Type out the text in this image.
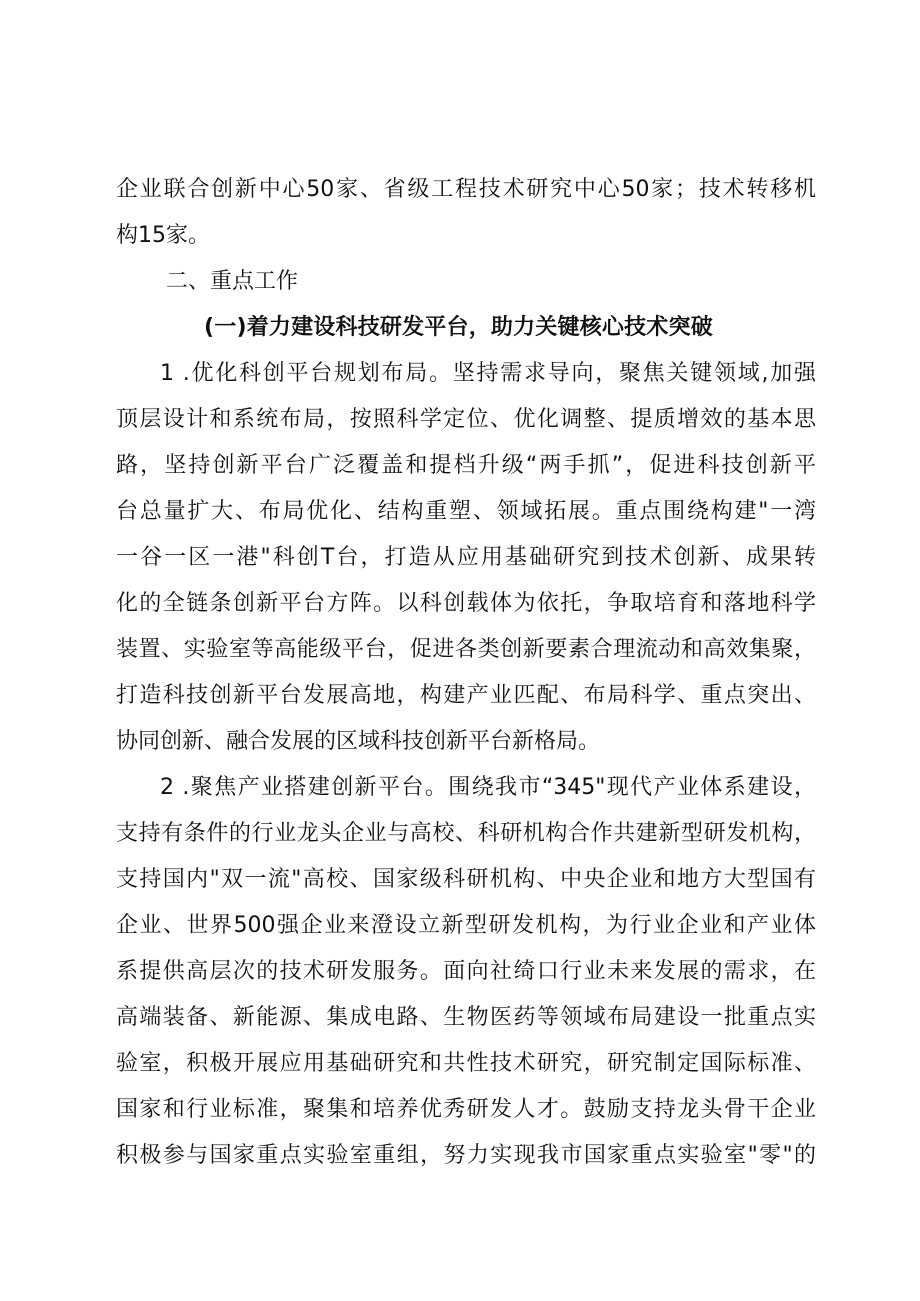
企业联合创新中心50家、省级工程技术研究中心50家；技术转移机
构15家。
二、重点工作
(一)着力建设科技研发平台，助力关键核心技术突破
1 .优化科创平台规划布局。坚持需求导向，聚焦关键领域,加强
顶层设计和系统布局，按照科学定位、优化调整、提质增效的基本思
路，坚持创新平台广泛覆盖和提档升级“两手抓”，促进科技创新平
台总量扩大、布局优化、结构重塑、领域拓展。重点围绕构建"一湾
一谷一区一港"科创T台，打造从应用基础研究到技术创新、成果转
化的全链条创新平台方阵。以科创载体为依托，争取培育和落地科学
装置、实验室等高能级平台，促进各类创新要素合理流动和高效集聚，
打造科技创新平台发展高地，构建产业匹配、布局科学、重点突出、
协同创新、融合发展的区域科技创新平台新格局。
2 .聚焦产业搭建创新平台。围绕我市“345"现代产业体系建设，
支持有条件的行业龙头企业与高校、科研机构合作共建新型研发机构，
支持国内"双一流"高校、国家级科研机构、中央企业和地方大型国有
企业、世界500强企业来澄设立新型研发机构，为行业企业和产业体
系提供高层次的技术研发服务。面向社绮口行业未来发展的需求，在
高端装备、新能源、集成电路、生物医药等领域布局建设一批重点实
验室，积极开展应用基础研究和共性技术研究，研究制定国际标准、
国家和行业标准，聚集和培养优秀研发人才。鼓励支持龙头骨干企业
积极参与国家重点实验室重组，努力实现我市国家重点实验室"零"的
